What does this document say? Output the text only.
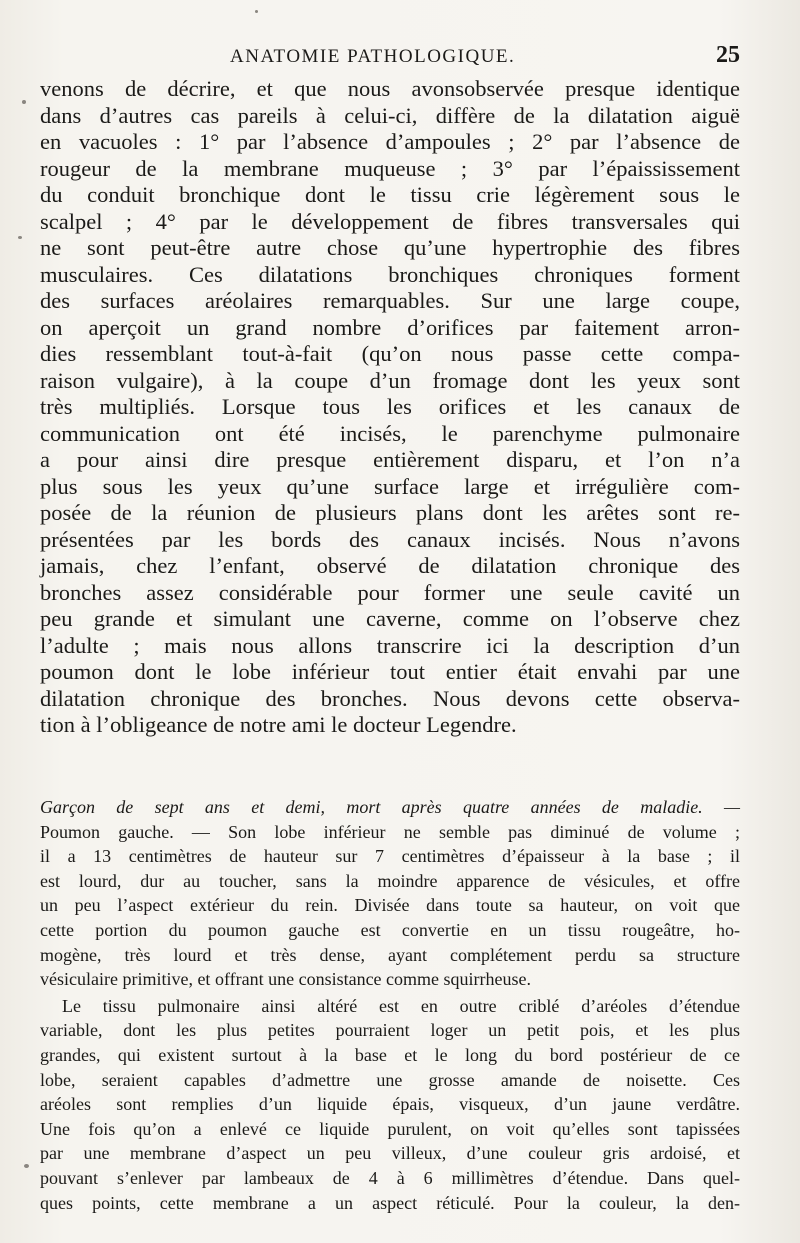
ANATOMIE PATHOLOGIQUE.	25
venons de décrire, et que nous avonsobservée presque identique
dans d’autres cas pareils à celui-ci, diffère de la dilatation aiguë
en vacuoles : 1° par l’absence d’ampoules ; 2° par l’absence de
rougeur de la membrane muqueuse ; 3° par l’épaississement
du conduit bronchique dont le tissu crie légèrement sous le
scalpel ; 4° par le développement de fibres transversales qui
ne sont peut-être autre chose qu’une hypertrophie des fibres
musculaires. Ces dilatations bronchiques chroniques forment
des surfaces aréolaires remarquables. Sur une large coupe,
on aperçoit un grand nombre d’orifices par faitement arron-
dies ressemblant tout-à-fait (qu’on nous passe cette compa-
raison vulgaire), à la coupe d’un fromage dont les yeux sont
très multipliés. Lorsque tous les orifices et les canaux de
communication ont été incisés, le parenchyme pulmonaire
a pour ainsi dire presque entièrement disparu, et l’on n’a
plus sous les yeux qu’une surface large et irrégulière com-
posée de la réunion de plusieurs plans dont les arêtes sont re-
présentées par les bords des canaux incisés. Nous n’avons
jamais, chez l’enfant, observé de dilatation chronique des
bronches assez considérable pour former une seule cavité un
peu grande et simulant une caverne, comme on l’observe chez
l’adulte ; mais nous allons transcrire ici la description d’un
poumon dont le lobe inférieur tout entier était envahi par une
dilatation chronique des bronches. Nous devons cette observa-
tion à l’obligeance de notre ami le docteur Legendre.
Garçon de sept ans et demi, mort après quatre années de maladie. —
Poumon gauche. — Son lobe inférieur ne semble pas diminué de volume ;
il a 13 centimètres de hauteur sur 7 centimètres d’épaisseur à la base ; il
est lourd, dur au toucher, sans la moindre apparence de vésicules, et offre
un peu l’aspect extérieur du rein. Divisée dans toute sa hauteur, on voit que
cette portion du poumon gauche est convertie en un tissu rougeâtre, ho-
mogène, très lourd et très dense, ayant complétement perdu sa structure
vésiculaire primitive, et offrant une consistance comme squirrheuse.
Le tissu pulmonaire ainsi altéré est en outre criblé d’aréoles d’étendue
variable, dont les plus petites pourraient loger un petit pois, et les plus
grandes, qui existent surtout à la base et le long du bord postérieur de ce
lobe, seraient capables d’admettre une grosse amande de noisette. Ces
aréoles sont remplies d’un liquide épais, visqueux, d’un jaune verdâtre.
Une fois qu’on a enlevé ce liquide purulent, on voit qu’elles sont tapissées
par une membrane d’aspect un peu villeux, d’une couleur gris ardoisé, et
pouvant s’enlever par lambeaux de 4 à 6 millimètres d’étendue. Dans quel-
ques points, cette membrane a un aspect réticulé. Pour la couleur, la den-
